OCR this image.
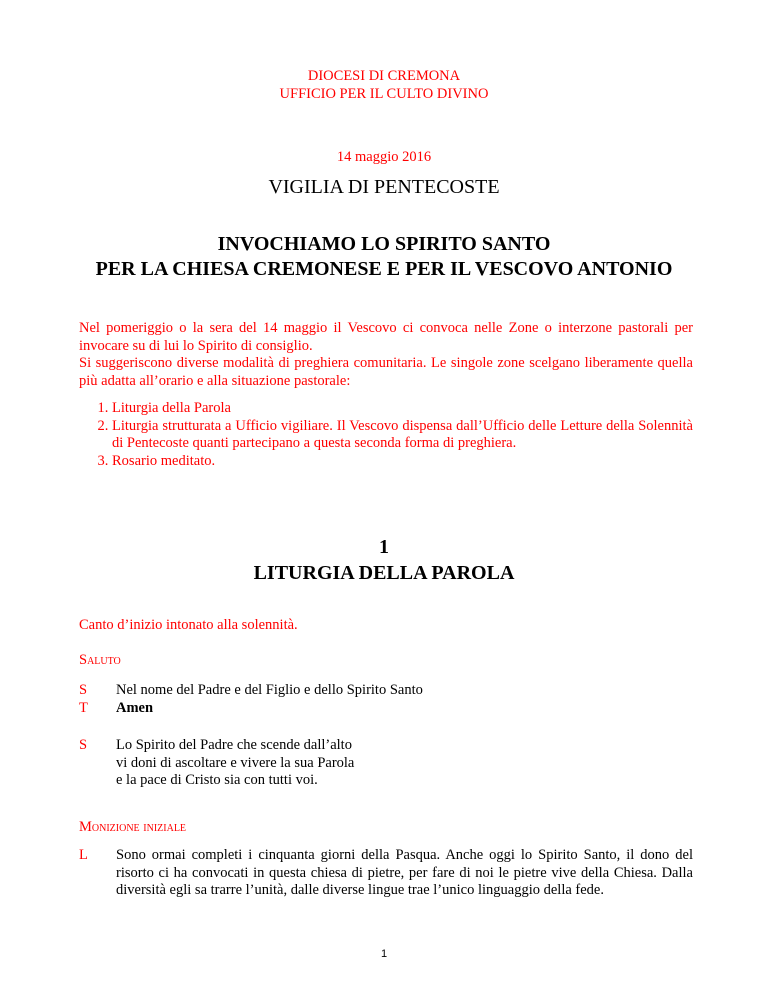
DIOCESI DI CREMONA
UFFICIO PER IL CULTO DIVINO
14 maggio 2016
VIGILIA DI PENTECOSTE
INVOCHIAMO LO SPIRITO SANTO
PER LA CHIESA CREMONESE E PER IL VESCOVO ANTONIO

Nel pomeriggio o la sera del 14 maggio il Vescovo ci convoca nelle Zone o interzone pastorali per invocare su di lui lo Spirito di consiglio.

Si suggeriscono diverse modalità di preghiera comunitaria. Le singole zone scelgano liberamente quella più adatta all’orario e alla situazione pastorale:

1. Liturgia della Parola
2. Liturgia strutturata a Ufficio vigiliare. Il Vescovo dispensa dall’Ufficio delle Letture della Solennità di Pentecoste quanti partecipano a questa seconda forma di preghiera.
3. Rosario meditato.
1
LITURGIA DELLA PAROLA
Canto d’inizio intonato alla solennità.
Saluto
S
T
Nel nome del Padre e del Figlio e dello Spirito Santo
Amen
S	Lo Spirito del Padre che scende dall’alto
vi doni di ascoltare e vivere la sua Parola
e la pace di Cristo sia con tutti voi.
Monizione iniziale
L	Sono ormai completi i cinquanta giorni della Pasqua. Anche oggi lo Spirito Santo, il dono del risorto ci ha convocati in questa chiesa di pietre, per fare di noi le pietre vive della Chiesa. Dalla diversità egli sa trarre l’unità, dalle diverse lingue trae l’unico linguaggio della fede.
1
